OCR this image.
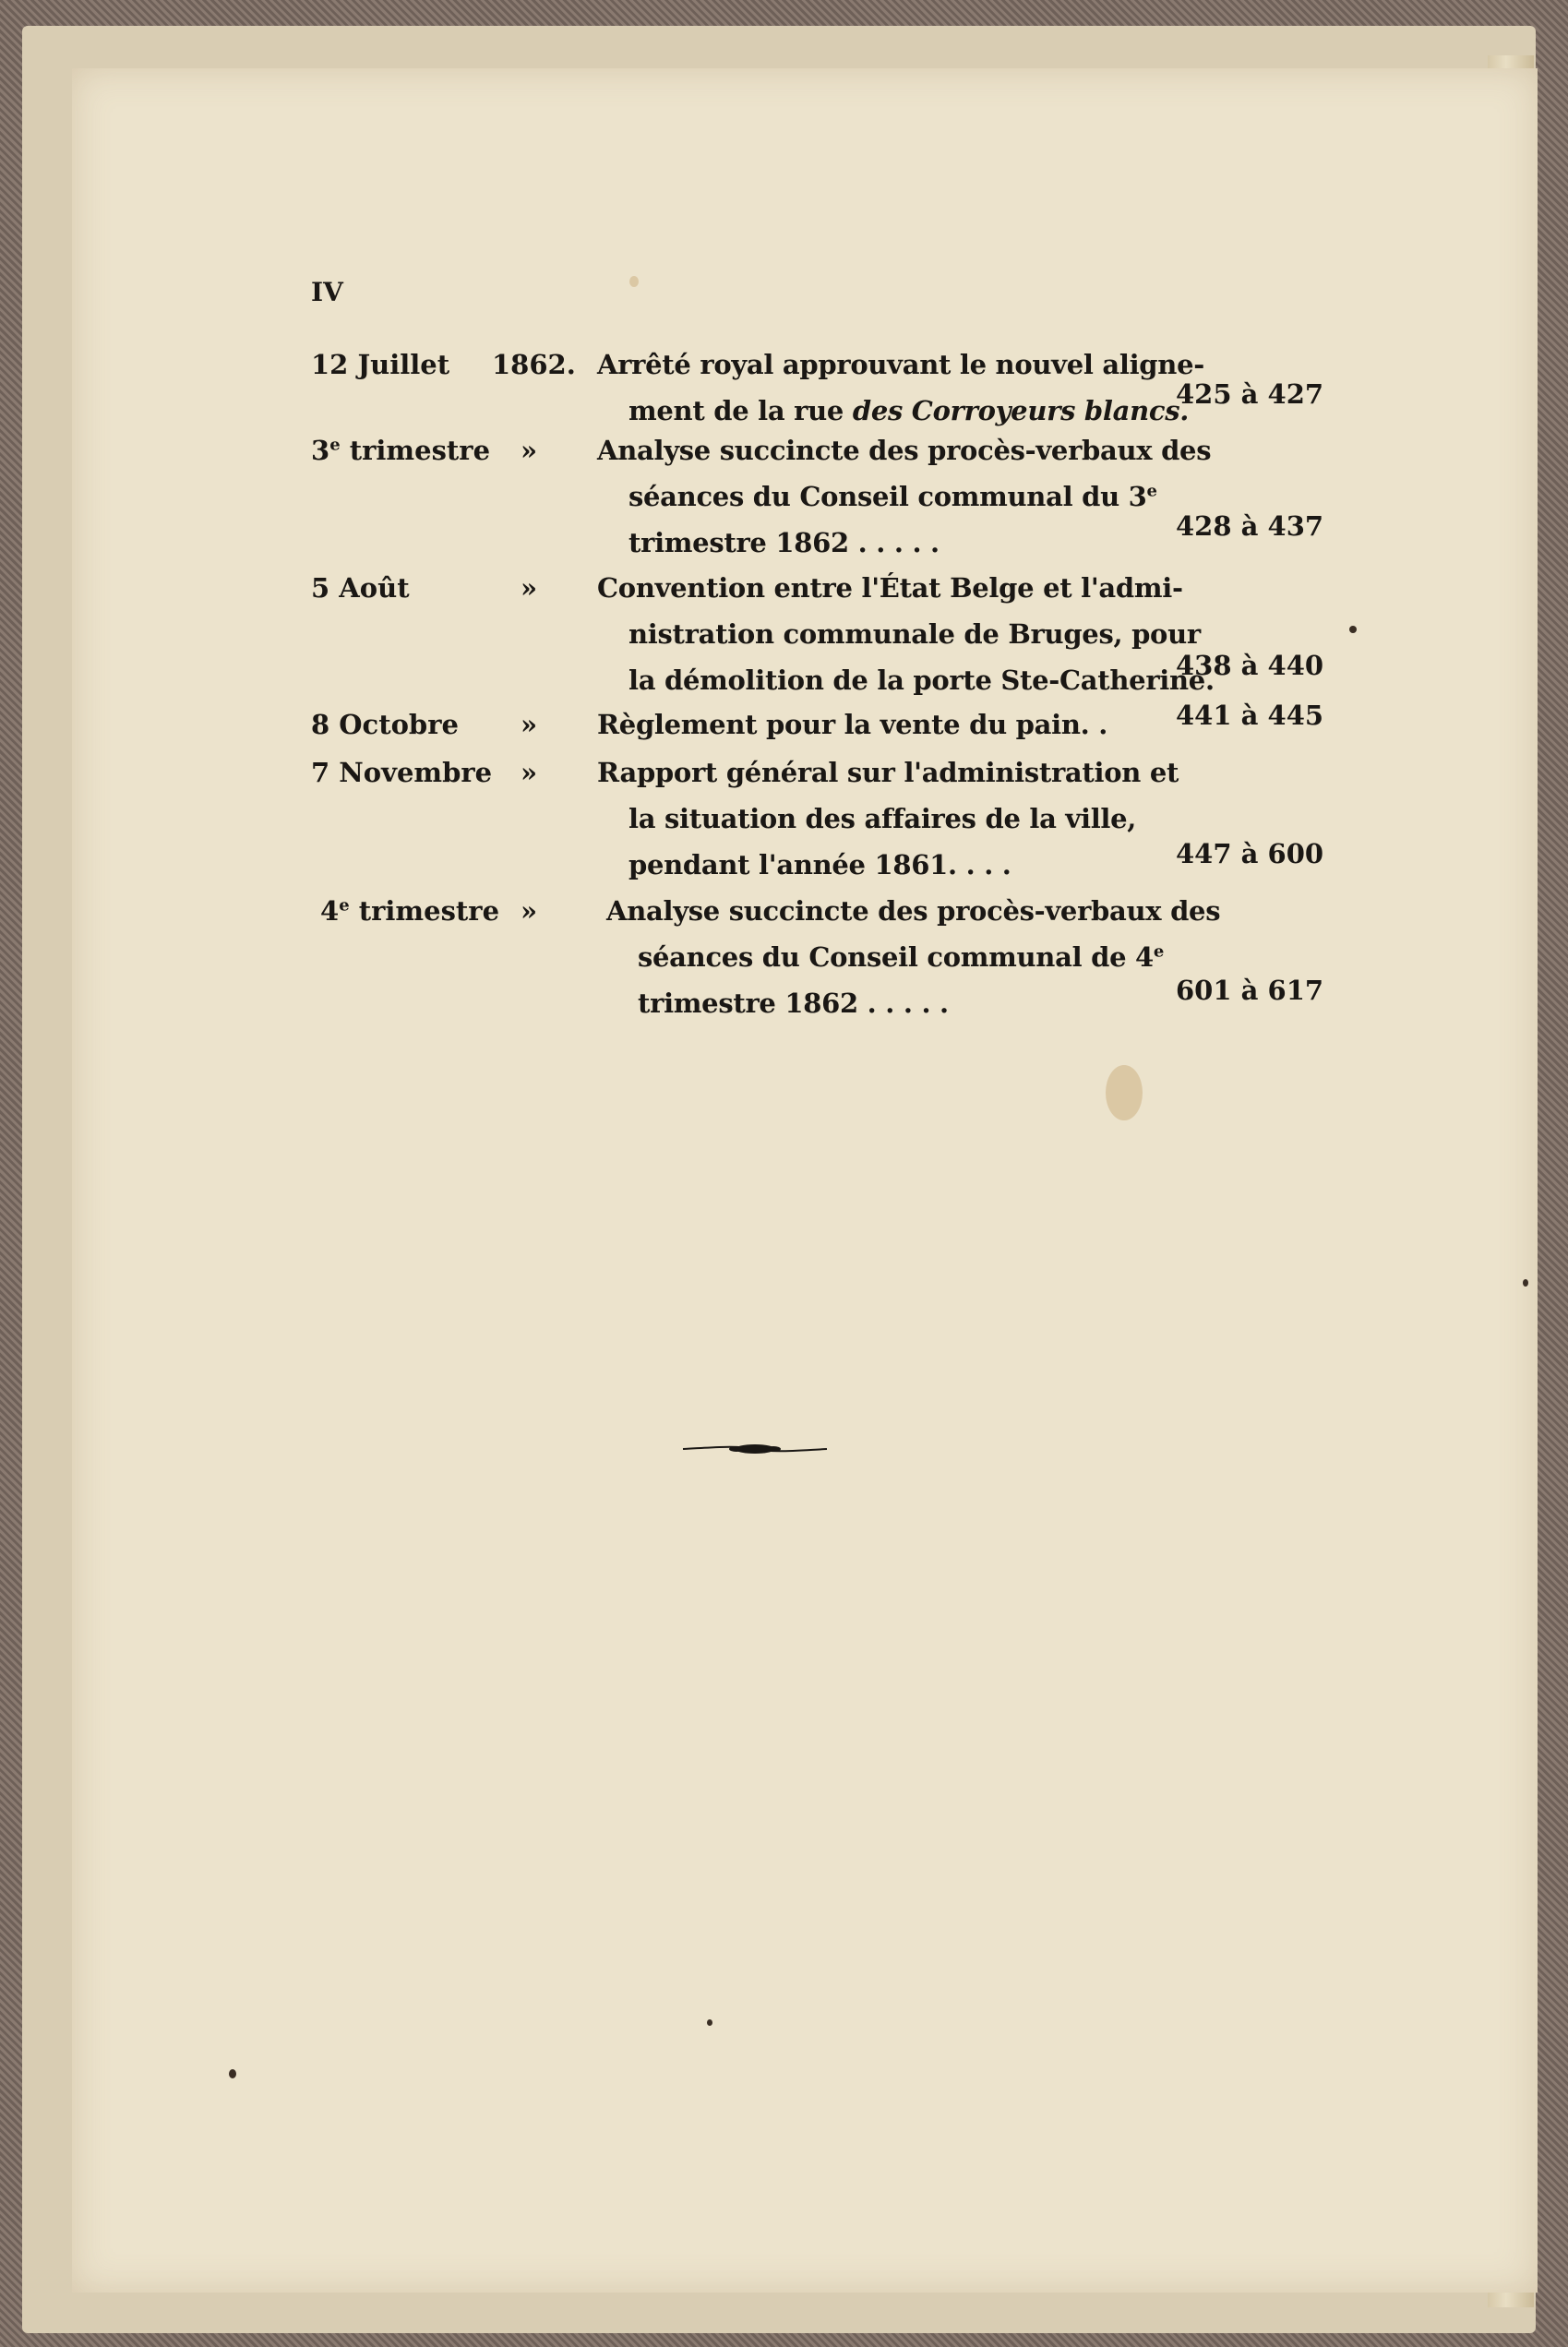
IV
12 Juillet 1862. Arrêté royal approuvant le nouvel aligne-
ment de la rue des Corroyeurs blancs.
425 à 427
3e trimestre » Analyse succincte des procès-verbaux des
séances du Conseil communal du 3e
trimestre 1862 . . . . .
428 à 437
5 Août	» Convention entre l'État Belge et l'admi-
nistration communale de Bruges, pour
la démolition de la porte Ste-Catherine.
438 à 440
8 Octobre » Règlement pour la vente du pain. .	441 à 445
7 Novembre » Rapport général sur l'administration et
la situation des affaires de la ville,
pendant l'année 1861. . . .	447 à 600
4e trimestre »	Analyse succincte des procès-verbaux des
séances du Conseil communal de 4e
trimestre 1862 . . . . .	601 à 617
